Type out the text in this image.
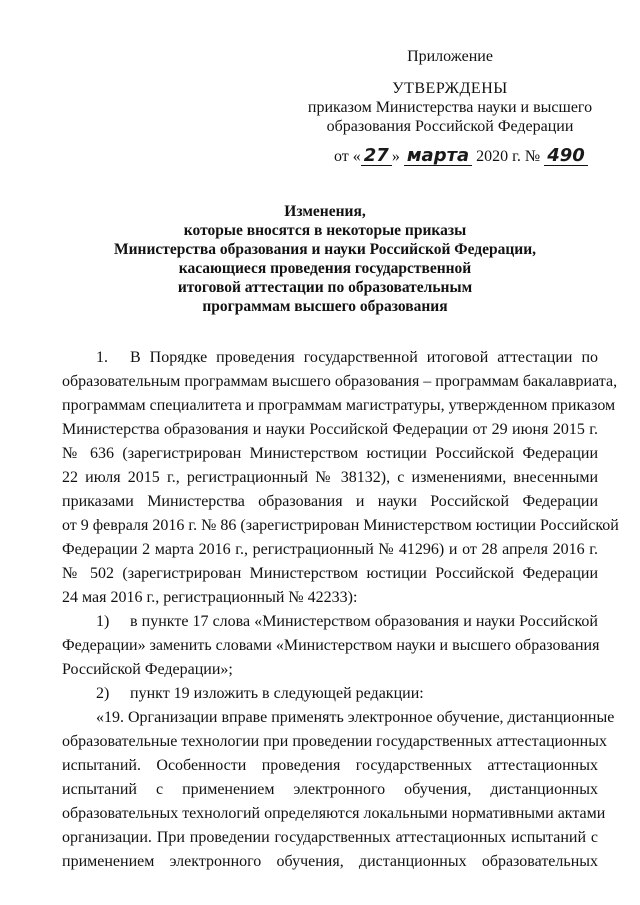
Приложение
УТВЕРЖДЕНЫ
приказом Министерства науки и высшего
образования Российской Федерации
от « 27 » марта 2020 г. № 490
Изменения,
которые вносятся в некоторые приказы
Министерства образования и науки Российской Федерации,
касающиеся проведения государственной
итоговой аттестации по образовательным
программам высшего образования
1. В Порядке проведения государственной итоговой аттестации по
образовательным программам высшего образования – программам бакалавриата,
программам специалитета и программам магистратуры, утвержденном приказом
Министерства образования и науки Российской Федерации от 29 июня 2015 г.
№ 636 (зарегистрирован Министерством юстиции Российской Федерации
22 июля 2015 г., регистрационный № 38132), с изменениями, внесенными
приказами Министерства образования и науки Российской Федерации
от 9 февраля 2016 г. № 86 (зарегистрирован Министерством юстиции Российской
Федерации 2 марта 2016 г., регистрационный № 41296) и от 28 апреля 2016 г.
№ 502 (зарегистрирован Министерством юстиции Российской Федерации
24 мая 2016 г., регистрационный № 42233):
1) в пункте 17 слова «Министерством образования и науки Российской
Федерации» заменить словами «Министерством науки и высшего образования
Российской Федерации»;
2) пункт 19 изложить в следующей редакции:
«19. Организации вправе применять электронное обучение, дистанционные
образовательные технологии при проведении государственных аттестационных
испытаний. Особенности проведения государственных аттестационных
испытаний с применением электронного обучения, дистанционных
образовательных технологий определяются локальными нормативными актами
организации. При проведении государственных аттестационных испытаний с
применением электронного обучения, дистанционных образовательных
